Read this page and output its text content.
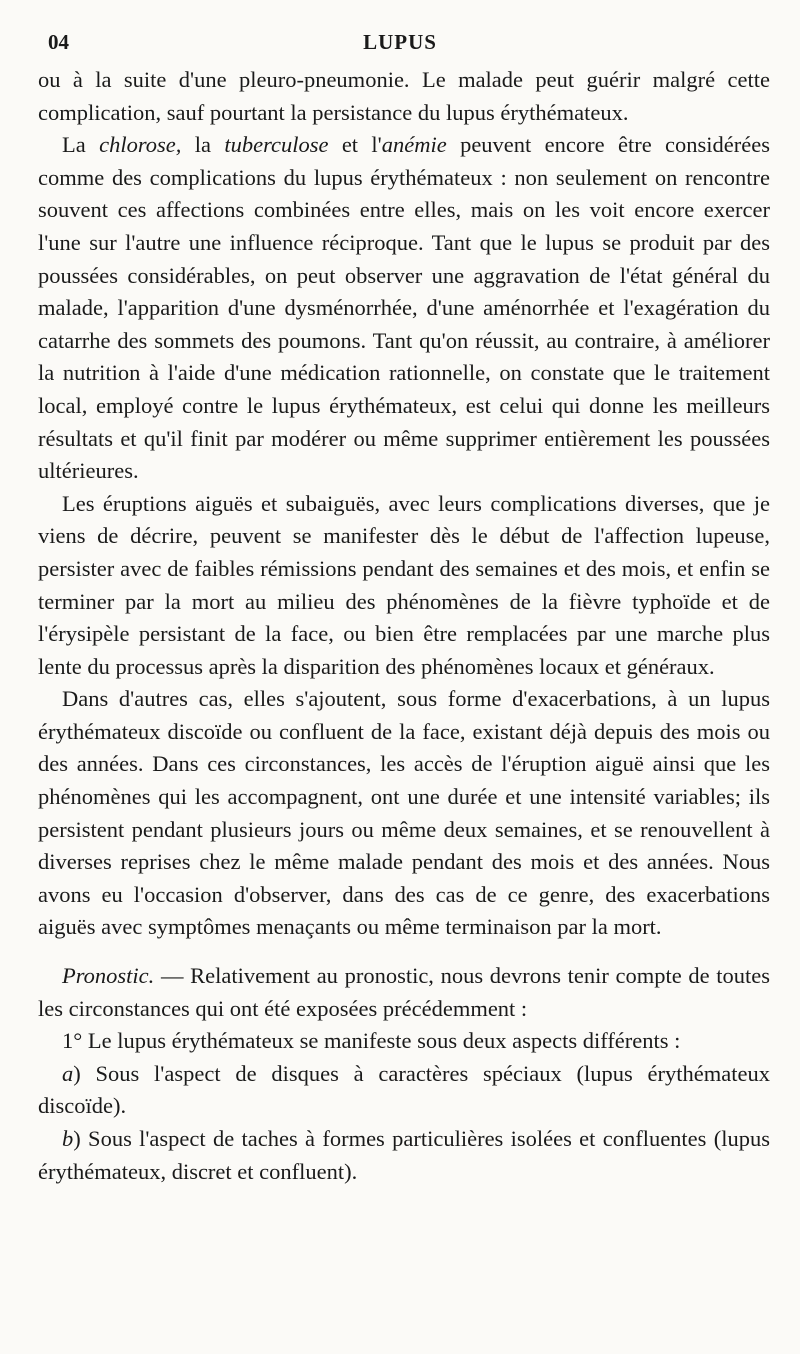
04	LUPUS

ou à la suite d'une pleuro-pneumonie. Le malade peut guérir malgré cette complication, sauf pourtant la persistance du lupus érythémateux.

La chlorose, la tuberculose et l'anémie peuvent encore être considérées comme des complications du lupus érythémateux : non seulement on rencontre souvent ces affections combinées entre elles, mais on les voit encore exercer l'une sur l'autre une influence réciproque. Tant que le lupus se produit par des poussées considérables, on peut observer une aggravation de l'état général du malade, l'apparition d'une dysménorrhée, d'une aménorrhée et l'exagération du catarrhe des sommets des poumons. Tant qu'on réussit, au contraire, à améliorer la nutrition à l'aide d'une médication rationnelle, on constate que le traitement local, employé contre le lupus érythémateux, est celui qui donne les meilleurs résultats et qu'il finit par modérer ou même supprimer entièrement les poussées ultérieures.

Les éruptions aiguës et subaiguës, avec leurs complications diverses, que je viens de décrire, peuvent se manifester dès le début de l'affection lupeuse, persister avec de faibles rémissions pendant des semaines et des mois, et enfin se terminer par la mort au milieu des phénomènes de la fièvre typhoïde et de l'érysipèle persistant de la face, ou bien être remplacées par une marche plus lente du processus après la disparition des phénomènes locaux et généraux.

Dans d'autres cas, elles s'ajoutent, sous forme d'exacerbations, à un lupus érythémateux discoïde ou confluent de la face, existant déjà depuis des mois ou des années. Dans ces circonstances, les accès de l'éruption aiguë ainsi que les phénomènes qui les accompagnent, ont une durée et une intensité variables; ils persistent pendant plusieurs jours ou même deux semaines, et se renouvellent à diverses reprises chez le même malade pendant des mois et des années. Nous avons eu l'occasion d'observer, dans des cas de ce genre, des exacerbations aiguës avec symptômes menaçants ou même terminaison par la mort.

Pronostic. — Relativement au pronostic, nous devrons tenir compte de toutes les circonstances qui ont été exposées précédemment :

1° Le lupus érythémateux se manifeste sous deux aspects différents :

a) Sous l'aspect de disques à caractères spéciaux (lupus érythémateux discoïde).

b) Sous l'aspect de taches à formes particulières isolées et confluentes (lupus érythémateux, discret et confluent).
